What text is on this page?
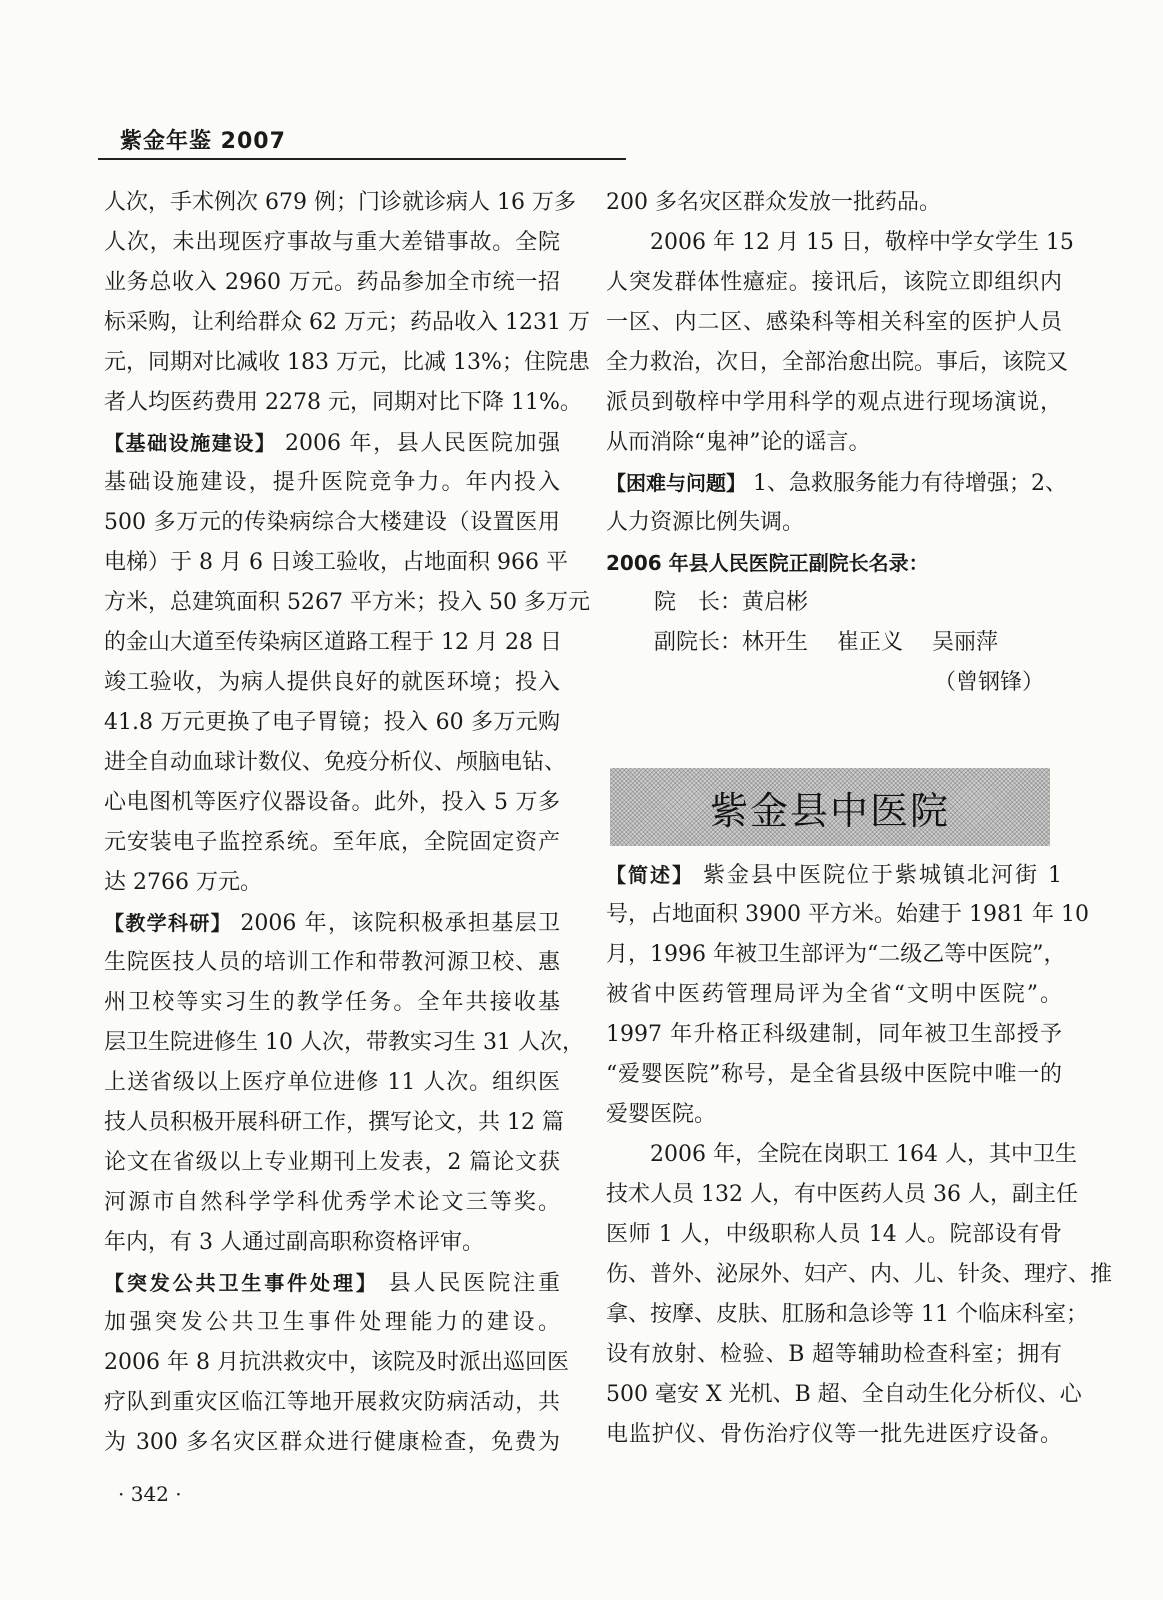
紫金年鉴 2007
人次，手术例次 679 例；门诊就诊病人 16 万多
人次，未出现医疗事故与重大差错事故。全院
业务总收入 2960 万元。药品参加全市统一招
标采购，让利给群众 62 万元；药品收入 1231 万
元，同期对比减收 183 万元，比减 13%；住院患
者人均医药费用 2278 元，同期对比下降 11%。
【基础设施建设】 2006 年，县人民医院加强
基础设施建设，提升医院竞争力。年内投入
500 多万元的传染病综合大楼建设（设置医用
电梯）于 8 月 6 日竣工验收，占地面积 966 平
方米，总建筑面积 5267 平方米；投入 50 多万元
的金山大道至传染病区道路工程于 12 月 28 日
竣工验收，为病人提供良好的就医环境；投入
41.8 万元更换了电子胃镜；投入 60 多万元购
进全自动血球计数仪、免疫分析仪、颅脑电钻、
心电图机等医疗仪器设备。此外，投入 5 万多
元安装电子监控系统。至年底，全院固定资产
达 2766 万元。
【教学科研】 2006 年，该院积极承担基层卫
生院医技人员的培训工作和带教河源卫校、惠
州卫校等实习生的教学任务。全年共接收基
层卫生院进修生 10 人次，带教实习生 31 人次，
上送省级以上医疗单位进修 11 人次。组织医
技人员积极开展科研工作，撰写论文，共 12 篇
论文在省级以上专业期刊上发表，2 篇论文获
河源市自然科学学科优秀学术论文三等奖。
年内，有 3 人通过副高职称资格评审。
【突发公共卫生事件处理】 县人民医院注重
加强突发公共卫生事件处理能力的建设。
2006 年 8 月抗洪救灾中，该院及时派出巡回医
疗队到重灾区临江等地开展救灾防病活动，共
为 300 多名灾区群众进行健康检查，免费为
200 多名灾区群众发放一批药品。
2006 年 12 月 15 日，敬梓中学女学生 15
人突发群体性癔症。接讯后，该院立即组织内
一区、内二区、感染科等相关科室的医护人员
全力救治，次日，全部治愈出院。事后，该院又
派员到敬梓中学用科学的观点进行现场演说，
从而消除“鬼神”论的谣言。
【困难与问题】 1、急救服务能力有待增强；2、
人力资源比例失调。
2006 年县人民医院正副院长名录：
院　长：黄启彬
副院长：林开生　 崔正义　 吴丽萍
（曾钢锋）
紫金县中医院
【简述】 紫金县中医院位于紫城镇北河街 1
号，占地面积 3900 平方米。始建于 1981 年 10
月，1996 年被卫生部评为“二级乙等中医院”，
被省中医药管理局评为全省“文明中医院”。
1997 年升格正科级建制，同年被卫生部授予
“爱婴医院”称号，是全省县级中医院中唯一的
爱婴医院。
2006 年，全院在岗职工 164 人，其中卫生
技术人员 132 人，有中医药人员 36 人，副主任
医师 1 人，中级职称人员 14 人。院部设有骨
伤、普外、泌尿外、妇产、内、儿、针灸、理疗、推
拿、按摩、皮肤、肛肠和急诊等 11 个临床科室；
设有放射、检验、B 超等辅助检查科室；拥有
500 毫安 X 光机、B 超、全自动生化分析仪、心
电监护仪、骨伤治疗仪等一批先进医疗设备。
· 342 ·
